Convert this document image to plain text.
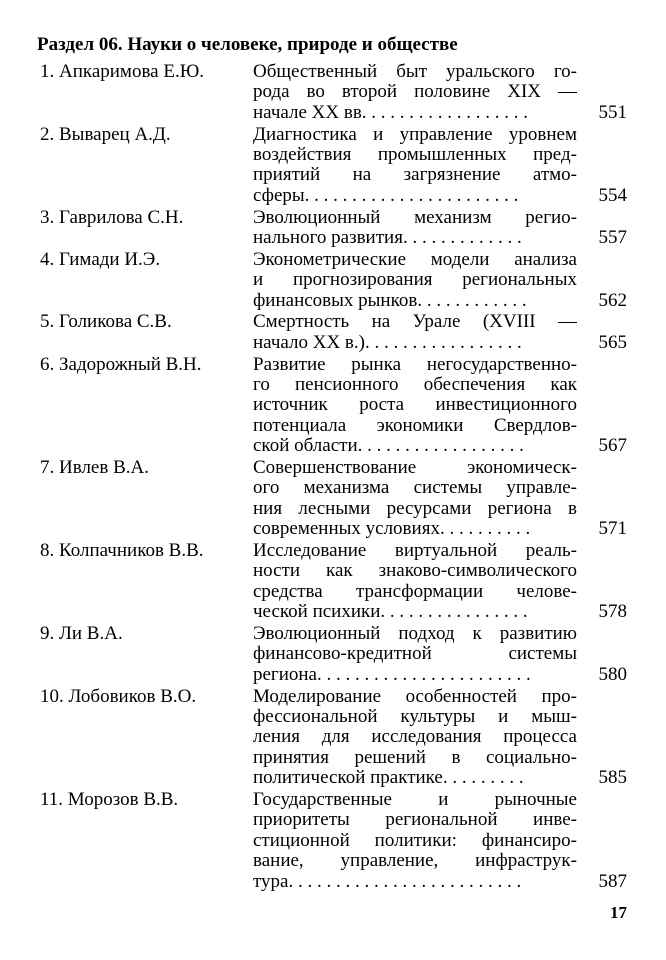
Раздел 06. Науки о человеке, природе и обществе
1. Апкаримова Е.Ю.	Общественный быт уральского го-
рода во второй половине XIX —
начале XX вв. . . . . . . . . . . . . . . . . .	551
2. Выварец А.Д.	Диагностика и управление уровнем
воздействия промышленных пред-
приятий на загрязнение атмо-
сферы. . . . . . . . . . . . . . . . . . . . . . .	554
3. Гаврилова С.Н.	Эволюционный механизм регио-
нального развития. . . . . . . . . . . . .	557
4. Гимади И.Э.	Эконометрические модели анализа
и прогнозирования региональных
финансовых рынков. . . . . . . . . . . .	562
5. Голикова С.В.	Смертность на Урале (XVIII —
начало XX в.). . . . . . . . . . . . . . . . .	565
6. Задорожный В.Н.	Развитие рынка негосударственно-
го пенсионного обеспечения как
источник роста инвестиционного
потенциала экономики Свердлов-
ской области. . . . . . . . . . . . . . . . . .	567
7. Ивлев В.А.	Совершенствование экономическ-
ого механизма системы управле-
ния лесными ресурсами региона в
современных условиях. . . . . . . . . .	571
8. Колпачников В.В.	Исследование виртуальной реаль-
ности как знаково-символического
средства трансформации челове-
ческой психики. . . . . . . . . . . . . . . .	578
9. Ли В.А.	Эволюционный подход к развитию
финансово-кредитной системы
региона. . . . . . . . . . . . . . . . . . . . . . .	580
10. Лобовиков В.О.	Моделирование особенностей про-
фессиональной культуры и мыш-
ления для исследования процесса
принятия решений в социально-
политической практике. . . . . . . . .	585
11. Морозов В.В.	Государственные и рыночные
приоритеты региональной инве-
стиционной политики: финансиро-
вание, управление, инфраструк-
тура. . . . . . . . . . . . . . . . . . . . . . . . .	587
17
